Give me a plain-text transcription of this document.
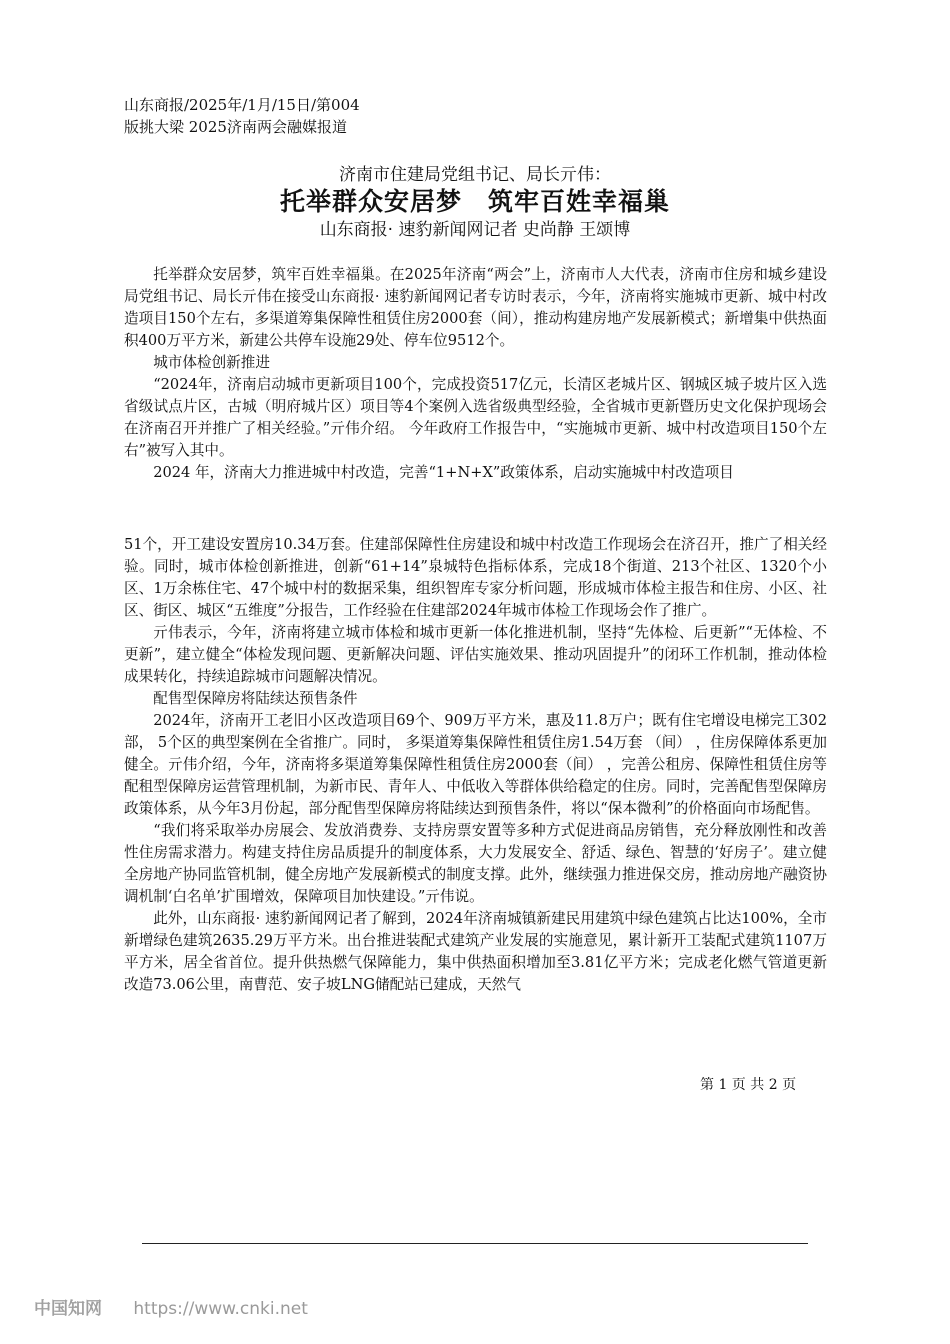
山东商报/2025年/1月/15日/第004
版挑大梁 2025济南两会融媒报道
济南市住建局党组书记、局长亓伟：
托举群众安居梦　筑牢百姓幸福巢
山东商报· 速豹新闻网记者 史尚静 王颂博

托举群众安居梦，筑牢百姓幸福巢。在2025年济南“两会”上，济南市人大代表，济南市住房和城乡建设局党组书记、局长亓伟在接受山东商报· 速豹新闻网记者专访时表示，今年，济南将实施城市更新、城中村改造项目150个左右，多渠道筹集保障性租赁住房2000套（间），推动构建房地产发展新模式；新增集中供热面积400万平方米，新建公共停车设施29处、停车位9512个。

城市体检创新推进

“2024年，济南启动城市更新项目100个，完成投资517亿元，长清区老城片区、钢城区城子坡片区入选省级试点片区，古城（明府城片区）项目等4个案例入选省级典型经验，全省城市更新暨历史文化保护现场会在济南召开并推广了相关经验。”亓伟介绍。 今年政府工作报告中，“实施城市更新、城中村改造项目150个左右”被写入其中。

2024 年，济南大力推进城中村改造，完善“1+N+X”政策体系，启动实施城中村改造项目

51个，开工建设安置房10.34万套。住建部保障性住房建设和城中村改造工作现场会在济召开，推广了相关经验。同时，城市体检创新推进，创新“61+14”泉城特色指标体系，完成18个街道、213个社区、1320个小区、1万余栋住宅、47个城中村的数据采集，组织智库专家分析问题，形成城市体检主报告和住房、小区、社区、街区、城区“五维度”分报告，工作经验在住建部2024年城市体检工作现场会作了推广。

亓伟表示，今年，济南将建立城市体检和城市更新一体化推进机制，坚持“先体检、后更新”“无体检、不更新”，建立健全“体检发现问题、更新解决问题、评估实施效果、推动巩固提升”的闭环工作机制，推动体检成果转化，持续追踪城市问题解决情况。

配售型保障房将陆续达预售条件

2024年，济南开工老旧小区改造项目69个、909万平方米，惠及11.8万户；既有住宅增设电梯完工302部， 5个区的典型案例在全省推广。同时， 多渠道筹集保障性租赁住房1.54万套 （间） ，住房保障体系更加健全。亓伟介绍，今年，济南将多渠道筹集保障性租赁住房2000套（间） ，完善公租房、保障性租赁住房等配租型保障房运营管理机制，为新市民、青年人、中低收入等群体供给稳定的住房。同时，完善配售型保障房政策体系，从今年3月份起，部分配售型保障房将陆续达到预售条件，将以“保本微利”的价格面向市场配售。

“我们将采取举办房展会、发放消费券、支持房票安置等多种方式促进商品房销售，充分释放刚性和改善性住房需求潜力。构建支持住房品质提升的制度体系，大力发展安全、舒适、绿色、智慧的‘好房子’。建立健全房地产协同监管机制，健全房地产发展新模式的制度支撑。此外，继续强力推进保交房，推动房地产融资协调机制‘白名单’扩围增效，保障项目加快建设。”亓伟说。

此外，山东商报· 速豹新闻网记者了解到，2024年济南城镇新建民用建筑中绿色建筑占比达100%，全市新增绿色建筑2635.29万平方米。出台推进装配式建筑产业发展的实施意见，累计新开工装配式建筑1107万平方米，居全省首位。提升供热燃气保障能力，集中供热面积增加至3.81亿平方米；完成老化燃气管道更新改造73.06公里，南曹范、安子坡LNG储配站已建成，天然气

第 1 页 共 2 页
中国知网 https://www.cnki.net
